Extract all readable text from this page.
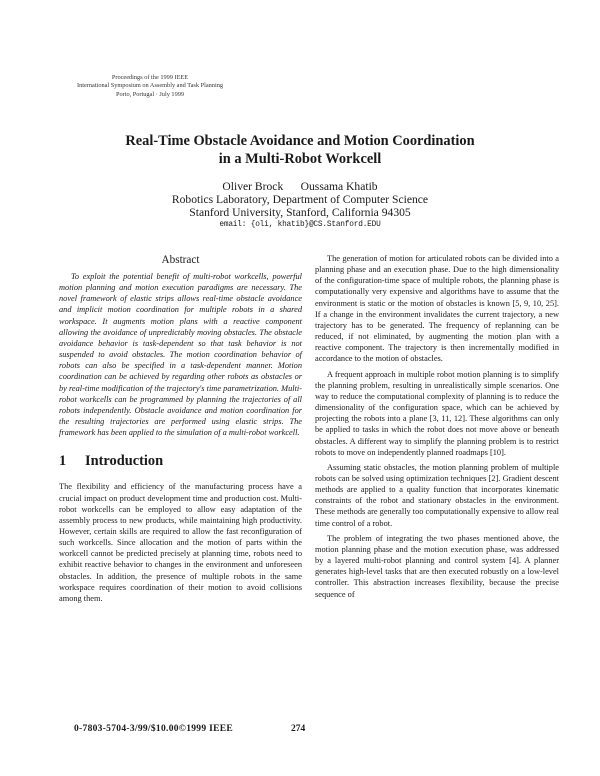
Proceedings of the 1999 IEEE
International Symposium on Assembly and Task Planning
Porto, Portugal · July 1999
Real-Time Obstacle Avoidance and Motion Coordination
in a Multi-Robot Workcell
Oliver Brock      Oussama Khatib
Robotics Laboratory, Department of Computer Science
Stanford University, Stanford, California 94305
email: {oli, khatib}@CS.Stanford.EDU
Abstract

To exploit the potential benefit of multi-robot workcells, powerful motion planning and motion execution paradigms are necessary. The novel framework of elastic strips allows real-time obstacle avoidance and implicit motion coordination for multiple robots in a shared workspace. It augments motion plans with a reactive component allowing the avoidance of unpredictably moving obstacles. The obstacle avoidance behavior is task-dependent so that task behavior is not suspended to avoid obstacles. The motion coordination behavior of robots can also be specified in a task-dependent manner. Motion coordination can be achieved by regarding other robots as obstacles or by real-time modification of the trajectory's time parametrization. Multi-robot workcells can be programmed by planning the trajectories of all robots independently. Obstacle avoidance and motion coordination for the resulting trajectories are performed using elastic strips. The framework has been applied to the simulation of a multi-robot workcell.

1 Introduction

The flexibility and efficiency of the manufacturing process have a crucial impact on product development time and production cost. Multi-robot workcells can be employed to allow easy adaptation of the assembly process to new products, while maintaining high productivity. However, certain skills are required to allow the fast reconfiguration of such workcells. Since allocation and the motion of parts within the workcell cannot be predicted precisely at planning time, robots need to exhibit reactive behavior to changes in the environment and unforeseen obstacles. In addition, the presence of multiple robots in the same workspace requires coordination of their motion to avoid collisions among them.

The generation of motion for articulated robots can be divided into a planning phase and an execution phase. Due to the high dimensionality of the configuration-time space of multiple robots, the planning phase is computationally very expensive and algorithms have to assume that the environment is static or the motion of obstacles is known [5, 9, 10, 25]. If a change in the environment invalidates the current trajectory, a new trajectory has to be generated. The frequency of replanning can be reduced, if not eliminated, by augmenting the motion plan with a reactive component. The trajectory is then incrementally modified in accordance to the motion of obstacles.

A frequent approach in multiple robot motion planning is to simplify the planning problem, resulting in unrealistically simple scenarios. One way to reduce the computational complexity of planning is to reduce the dimensionality of the configuration space, which can be achieved by projecting the robots into a plane [3, 11, 12]. These algorithms can only be applied to tasks in which the robot does not move above or beneath obstacles. A different way to simplify the planning problem is to restrict robots to move on independently planned roadmaps [10].

Assuming static obstacles, the motion planning problem of multiple robots can be solved using optimization techniques [2]. Gradient descent methods are applied to a quality function that incorporates kinematic constraints of the robot and stationary obstacles in the environment. These methods are generally too computationally expensive to allow real time control of a robot.

The problem of integrating the two phases mentioned above, the motion planning phase and the motion execution phase, was addressed by a layered multi-robot planning and control system [4]. A planner generates high-level tasks that are then executed robustly on a low-level controller. This abstraction increases flexibility, because the precise sequence of

0-7803-5704-3/99/$10.00©1999 IEEE	274
